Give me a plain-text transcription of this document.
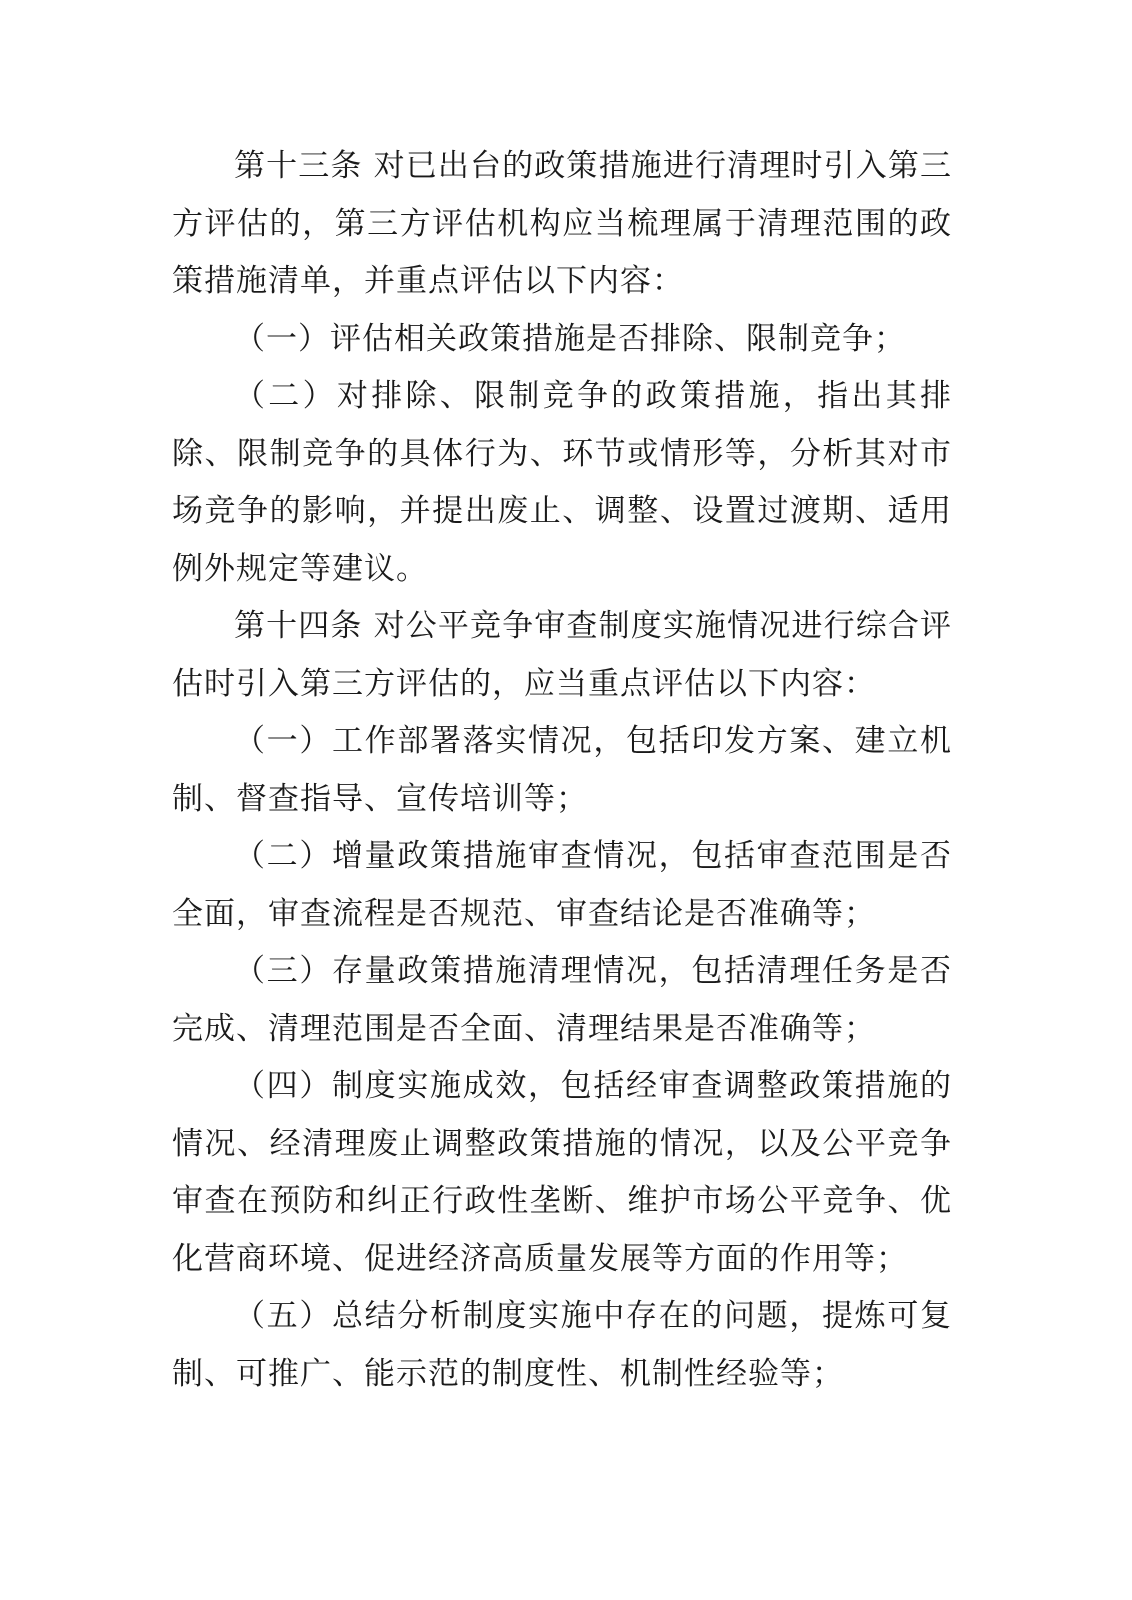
第十三条 对已出台的政策措施进行清理时引入第三方评估的，第三方评估机构应当梳理属于清理范围的政策措施清单，并重点评估以下内容：

（一）评估相关政策措施是否排除、限制竞争；

（二）对排除、限制竞争的政策措施，指出其排除、限制竞争的具体行为、环节或情形等，分析其对市场竞争的影响，并提出废止、调整、设置过渡期、适用例外规定等建议。

第十四条 对公平竞争审查制度实施情况进行综合评估时引入第三方评估的，应当重点评估以下内容：

（一）工作部署落实情况，包括印发方案、建立机制、督查指导、宣传培训等；

（二）增量政策措施审查情况，包括审查范围是否全面，审查流程是否规范、审查结论是否准确等；

（三）存量政策措施清理情况，包括清理任务是否完成、清理范围是否全面、清理结果是否准确等；

（四）制度实施成效，包括经审查调整政策措施的情况、经清理废止调整政策措施的情况，以及公平竞争审查在预防和纠正行政性垄断、维护市场公平竞争、优化营商环境、促进经济高质量发展等方面的作用等；

（五）总结分析制度实施中存在的问题，提炼可复制、可推广、能示范的制度性、机制性经验等；
